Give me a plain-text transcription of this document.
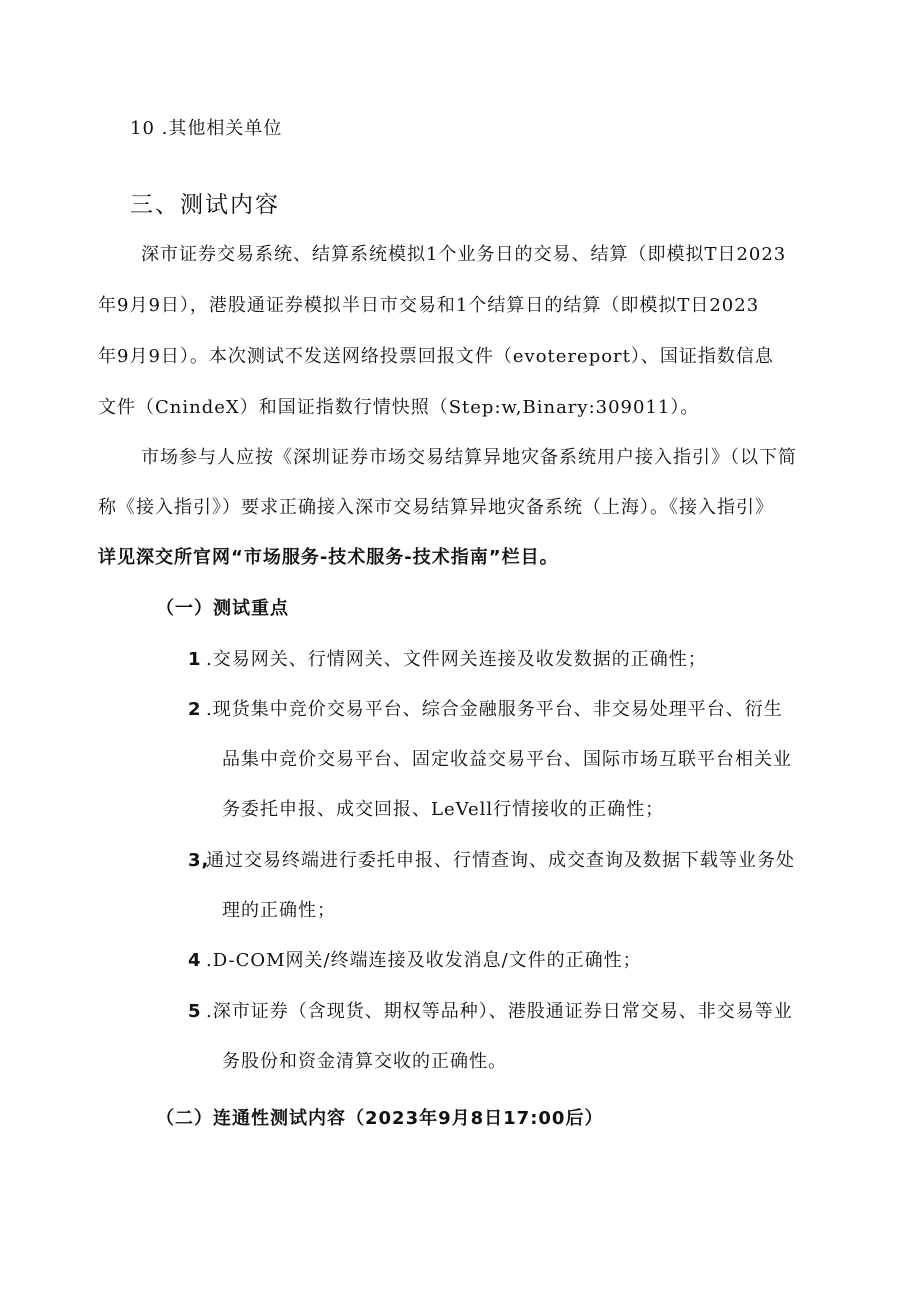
10 .其他相关单位
三、测试内容
深市证券交易系统、结算系统模拟1个业务日的交易、结算（即模拟T日2023
年9月9日），港股通证券模拟半日市交易和1个结算日的结算（即模拟T日2023
年9月9日）。本次测试不发送网络投票回报文件（evotereport）、国证指数信息
文件（CnindeX）和国证指数行情快照（Step:w,Binary:309011）。
市场参与人应按《深圳证券市场交易结算异地灾备系统用户接入指引》（以下简
称《接入指引》）要求正确接入深市交易结算异地灾备系统（上海）。《接入指引》
详见深交所官网“市场服务-技术服务-技术指南”栏目。
（一）测试重点
1 .交易网关、行情网关、文件网关连接及收发数据的正确性；
2 .现货集中竞价交易平台、综合金融服务平台、非交易处理平台、衍生
品集中竞价交易平台、固定收益交易平台、国际市场互联平台相关业
务委托申报、成交回报、LeVell行情接收的正确性；
3,通过交易终端进行委托申报、行情查询、成交查询及数据下载等业务处
理的正确性；
4 .D-COM网关/终端连接及收发消息/文件的正确性；
5 .深市证券（含现货、期权等品种）、港股通证券日常交易、非交易等业
务股份和资金清算交收的正确性。
（二）连通性测试内容（2023年9月8日17:00后）
